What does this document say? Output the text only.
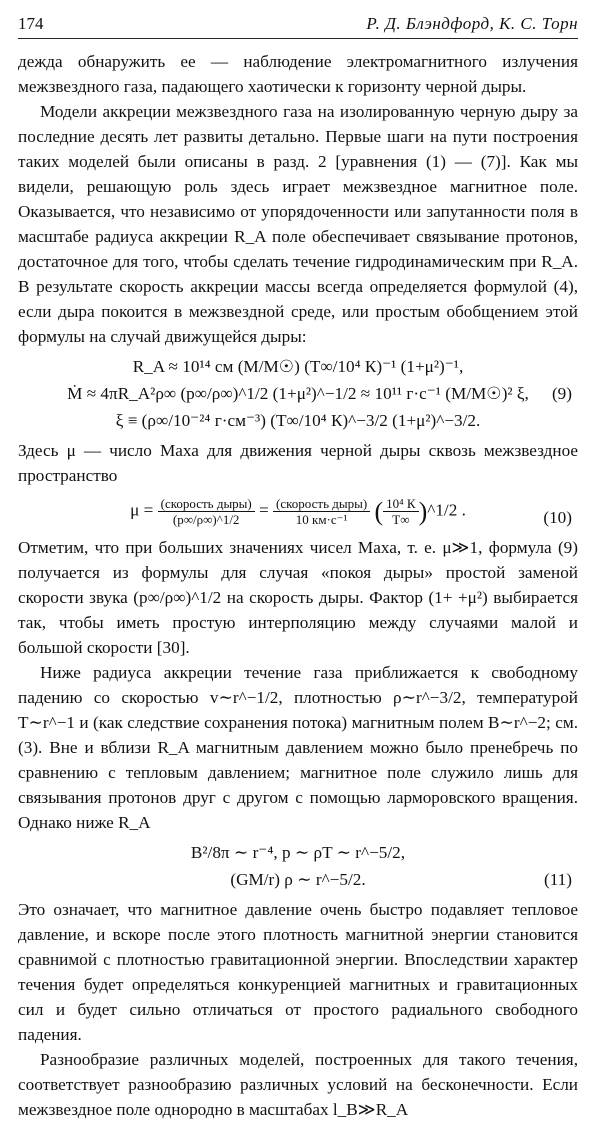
174	Р. Д. Блэндфорд, К. С. Торн

дежда обнаружить ее — наблюдение электромагнитного излучения межзвездного газа, падающего хаотически к горизонту черной дыры.

Модели аккреции межзвездного газа на изолированную черную дыру за последние десять лет развиты детально. Первые шаги на пути построения таких моделей были описаны в разд. 2 [уравнения (1) — (7)]. Как мы видели, решающую роль здесь играет межзвездное магнитное поле. Оказывается, что независимо от упорядоченности или запутанности поля в масштабе радиуса аккреции R_A поле обеспечивает связывание протонов, достаточное для того, чтобы сделать течение гидродинамическим при R_A. В результате скорость аккреции массы всегда определяется формулой (4), если дыра покоится в межзвездной среде, или простым обобщением этой формулы на случай движущейся дыры:

R_A ≈ 10¹⁴ см (M/M☉) (T∞/10⁴ К)⁻¹ (1+μ²)⁻¹,
Ṁ ≈ 4πR_A²ρ∞ (p∞/ρ∞)^1/2 (1+μ²)^−1/2 ≈ 10¹¹ г·с⁻¹ (M/M☉)² ξ,	(9)
ξ ≡ (ρ∞/10⁻²⁴ г·см⁻³) (T∞/10⁴ К)^−3/2 (1+μ²)^−3/2.

Здесь μ — число Маха для движения черной дыры сквозь межзвездное пространство

$\mu = \frac{\text{(скорость дыры)}}{(p\infty/\rho\infty)\^{}1/2} = \frac{\text{(скорость дыры)}}{\text{10 км·с⁻¹}}$ ( $\frac{\text{10⁴ К}}{T\infty}$ )^1/2 .	(10)

Отметим, что при больших значениях чисел Маха, т. е. μ≫1, формула (9) получается из формулы для случая «покоя дыры» простой заменой скорости звука (p∞/ρ∞)^1/2 на скорость дыры. Фактор (1+ +μ²) выбирается так, чтобы иметь простую интерполяцию между случаями малой и большой скорости [30].

Ниже радиуса аккреции течение газа приближается к свободному падению со скоростью v∼r^−1/2, плотностью ρ∼r^−3/2, температурой T∼r^−1 и (как следствие сохранения потока) магнитным полем B∼r^−2; см. (3). Вне и вблизи R_A магнитным давлением можно было пренебречь по сравнению с тепловым давлением; магнитное поле служило лишь для связывания протонов друг с другом с помощью ларморовского вращения. Однако ниже R_A

B²/8π ∼ r⁻⁴, p ∼ ρT ∼ r^−5/2,
(GM/r) ρ ∼ r^−5/2.	(11)

Это означает, что магнитное давление очень быстро подавляет тепловое давление, и вскоре после этого плотность магнитной энергии становится сравнимой с плотностью гравитационной энергии. Впоследствии характер течения будет определяться конкуренцией магнитных и гравитационных сил и будет сильно отличаться от простого радиального свободного падения.

Разнообразие различных моделей, построенных для такого течения, соответствует разнообразию различных условий на бесконечности. Если межзвездное поле однородно в масштабах l_B≫R_A
